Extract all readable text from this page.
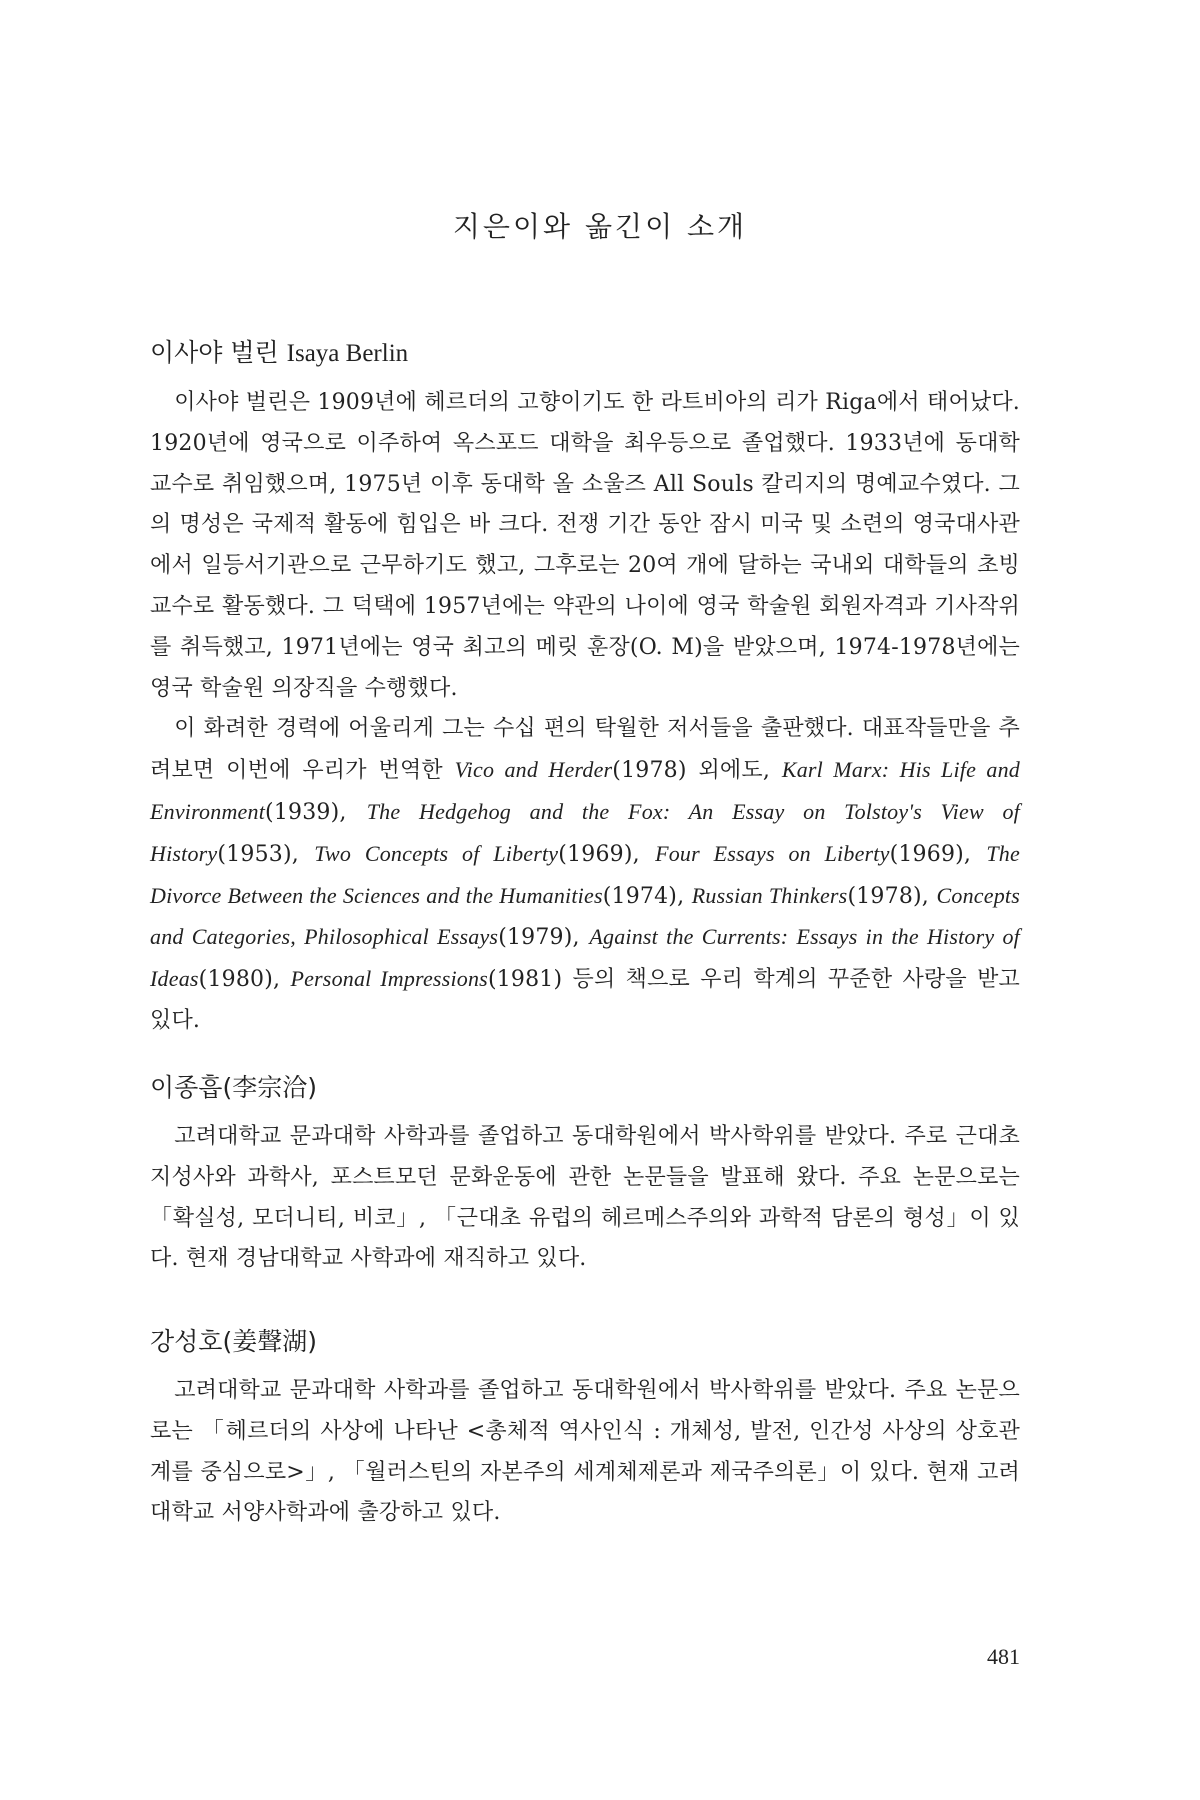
지은이와 옮긴이 소개
이사야 벌린 Isaya Berlin

이사야 벌린은 1909년에 헤르더의 고향이기도 한 라트비아의 리가 Riga에서 태어났다. 1920년에 영국으로 이주하여 옥스포드 대학을 최우등으로 졸업했다. 1933년에 동대학 교수로 취임했으며, 1975년 이후 동대학 올 소울즈 All Souls 칼리지의 명예교수였다. 그의 명성은 국제적 활동에 힘입은 바 크다. 전쟁 기간 동안 잠시 미국 및 소련의 영국대사관에서 일등서기관으로 근무하기도 했고, 그후로는 20여 개에 달하는 국내외 대학들의 초빙교수로 활동했다. 그 덕택에 1957년에는 약관의 나이에 영국 학술원 회원자격과 기사작위를 취득했고, 1971년에는 영국 최고의 메릿 훈장(O. M)을 받았으며, 1974-1978년에는 영국 학술원 의장직을 수행했다.

이 화려한 경력에 어울리게 그는 수십 편의 탁월한 저서들을 출판했다. 대표작들만을 추려보면 이번에 우리가 번역한 Vico and Herder(1978) 외에도, Karl Marx: His Life and Environment(1939), The Hedgehog and the Fox: An Essay on Tolstoy's View of History(1953), Two Concepts of Liberty(1969), Four Essays on Liberty(1969), The Divorce Between the Sciences and the Humanities(1974), Russian Thinkers(1978), Concepts and Categories, Philosophical Essays(1979), Against the Currents: Essays in the History of Ideas(1980), Personal Impressions(1981) 등의 책으로 우리 학계의 꾸준한 사랑을 받고 있다.

이종흡(李宗洽)

고려대학교 문과대학 사학과를 졸업하고 동대학원에서 박사학위를 받았다. 주로 근대초 지성사와 과학사, 포스트모던 문화운동에 관한 논문들을 발표해 왔다. 주요 논문으로는 「확실성, 모더니티, 비코」, 「근대초 유럽의 헤르메스주의와 과학적 담론의 형성」이 있다. 현재 경남대학교 사학과에 재직하고 있다.

강성호(姜聲湖)

고려대학교 문과대학 사학과를 졸업하고 동대학원에서 박사학위를 받았다. 주요 논문으로는 「헤르더의 사상에 나타난 <총체적 역사인식 : 개체성, 발전, 인간성 사상의 상호관계를 중심으로>」, 「월러스틴의 자본주의 세계체제론과 제국주의론」이 있다. 현재 고려대학교 서양사학과에 출강하고 있다.

481
